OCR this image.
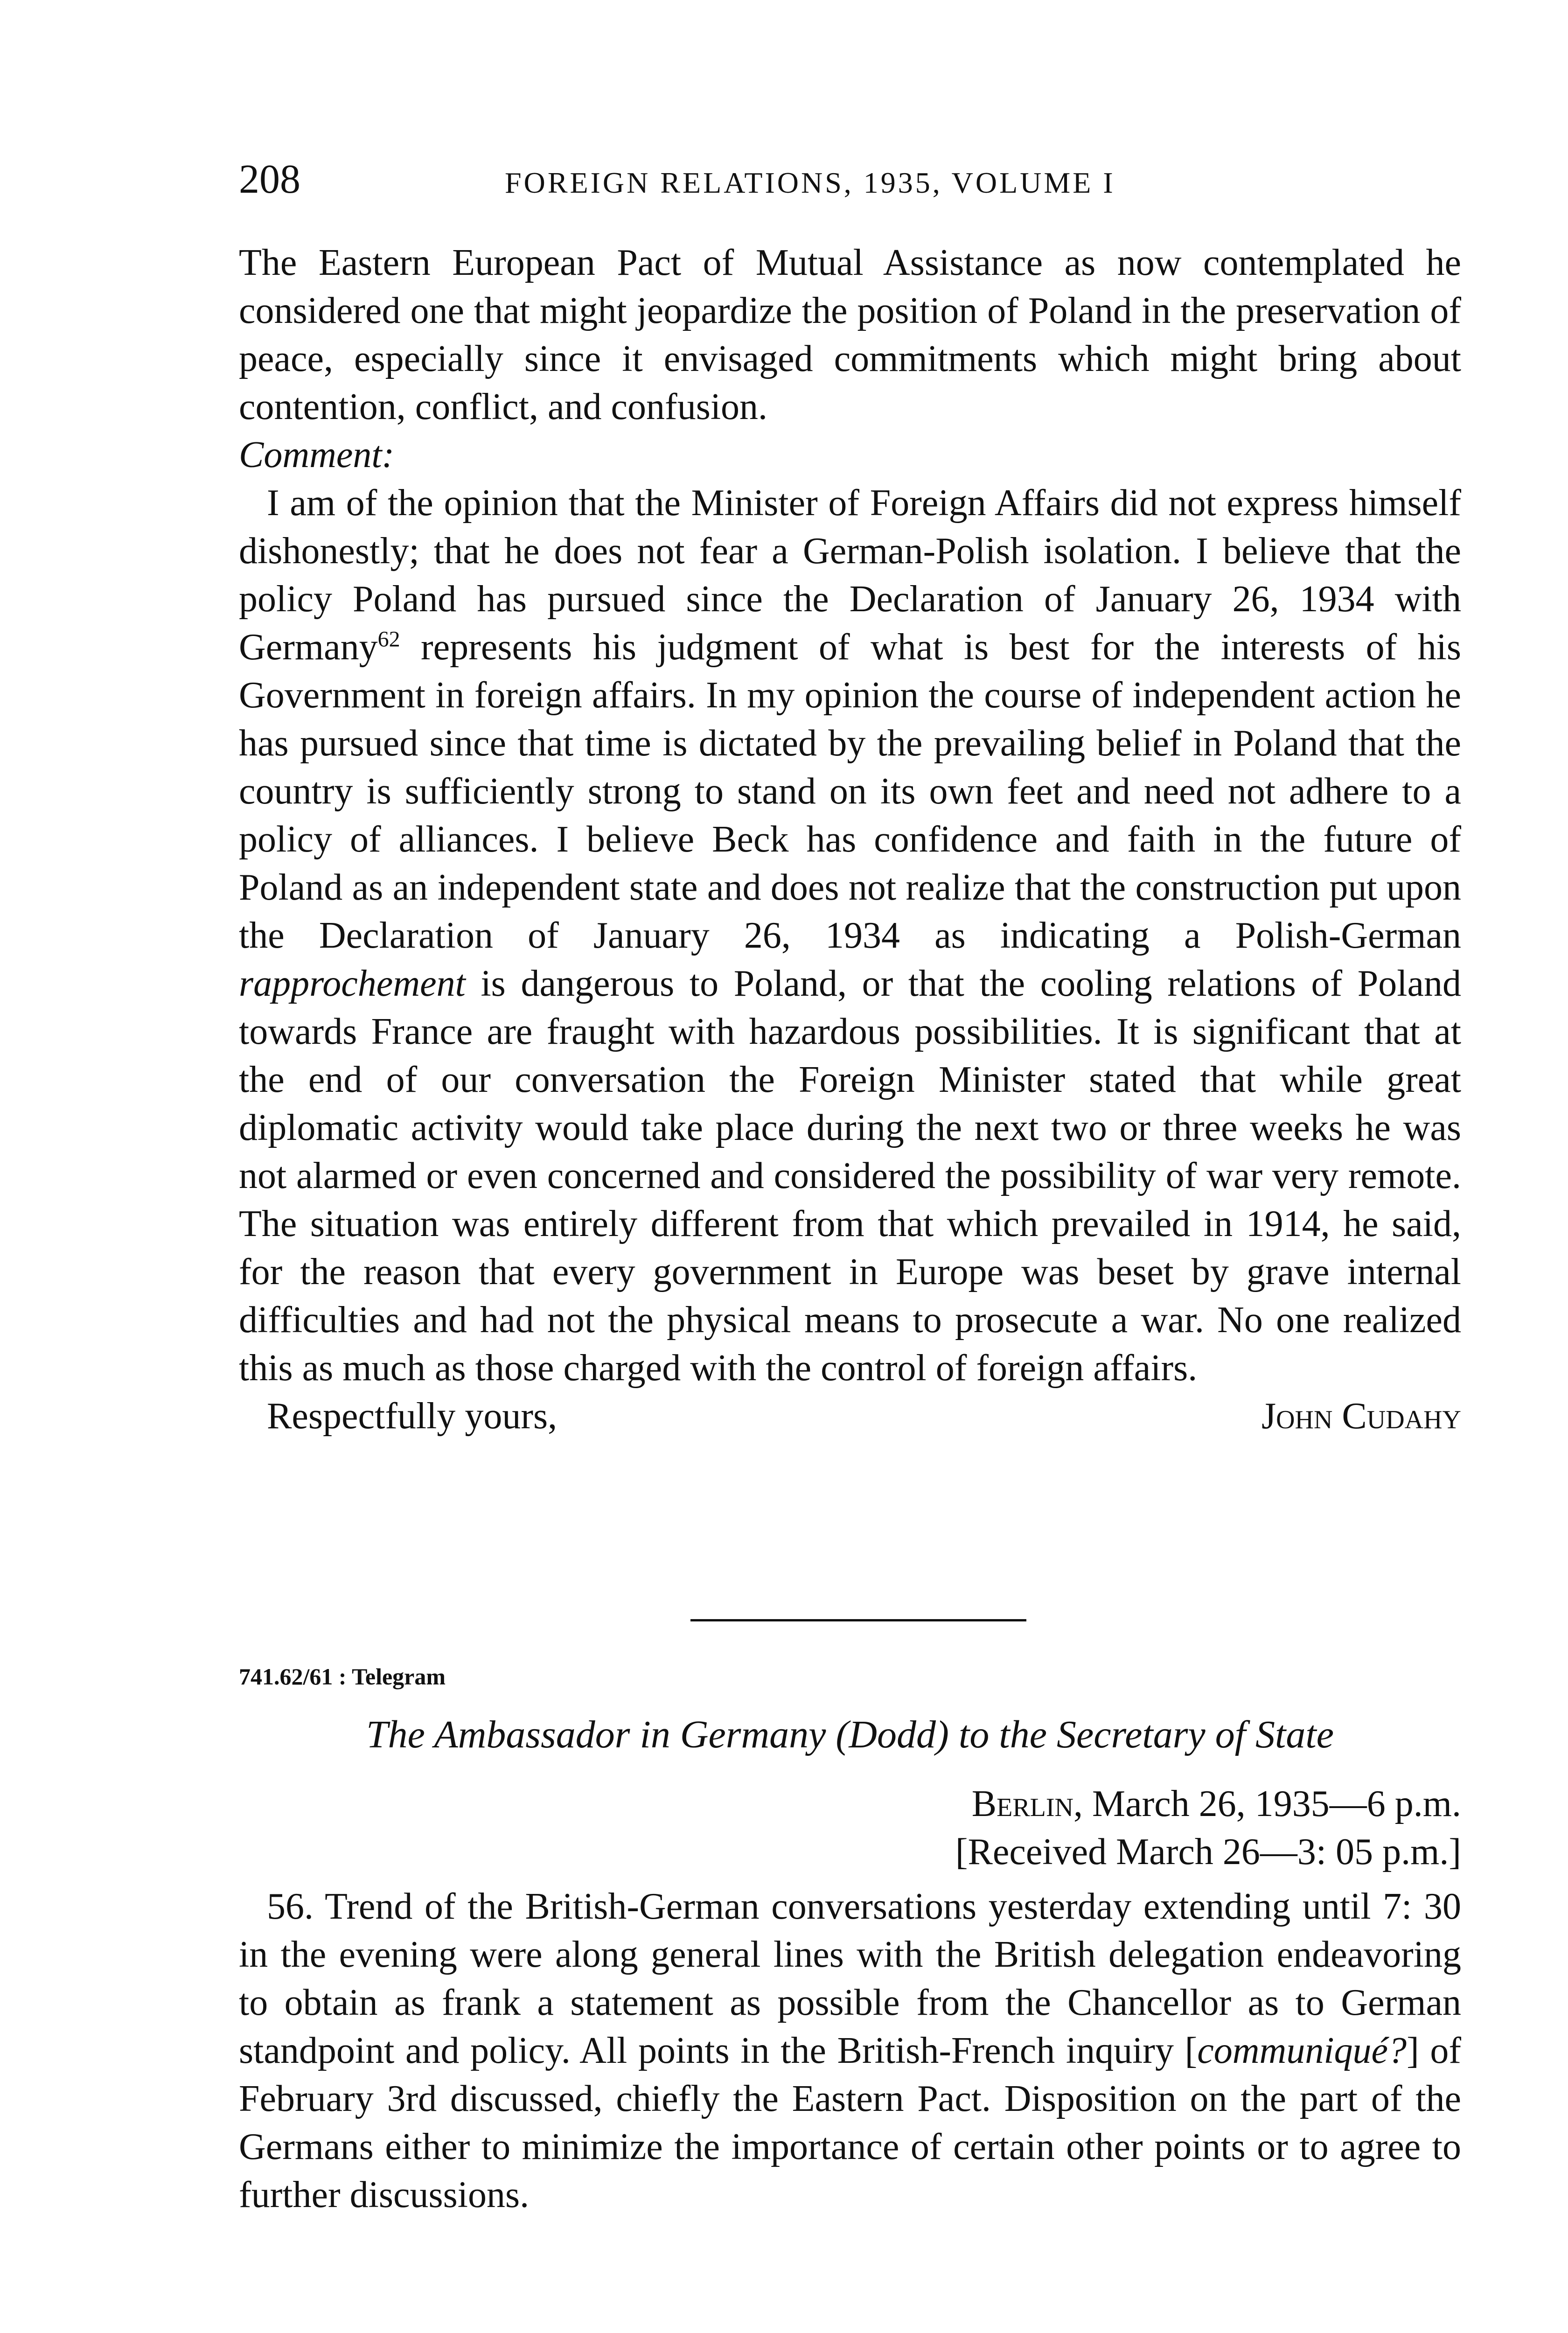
208	FOREIGN RELATIONS, 1935, VOLUME I

The Eastern European Pact of Mutual Assistance as now contemplated he considered one that might jeopardize the position of Poland in the preservation of peace, especially since it envisaged commitments which might bring about contention, conflict, and confusion.

Comment:

I am of the opinion that the Minister of Foreign Affairs did not express himself dishonestly; that he does not fear a German-Polish isolation. I believe that the policy Poland has pursued since the Declaration of January 26, 1934 with Germany$^{62}$ represents his judgment of what is best for the interests of his Government in foreign affairs. In my opinion the course of independent action he has pursued since that time is dictated by the prevailing belief in Poland that the country is sufficiently strong to stand on its own feet and need not adhere to a policy of alliances. I believe Beck has confidence and faith in the future of Poland as an independent state and does not realize that the construction put upon the Declaration of January 26, 1934 as indicating a Polish-German rapprochement is dangerous to Poland, or that the cooling relations of Poland towards France are fraught with hazardous possibilities. It is significant that at the end of our conversation the Foreign Minister stated that while great diplomatic activity would take place during the next two or three weeks he was not alarmed or even concerned and considered the possibility of war very remote. The situation was entirely different from that which prevailed in 1914, he said, for the reason that every government in Europe was beset by grave internal difficulties and had not the physical means to prosecute a war. No one realized this as much as those charged with the control of foreign affairs.

Respectfully yours,	John Cudahy

741.62/61 : Telegram

The Ambassador in Germany (Dodd) to the Secretary of State

Berlin, March 26, 1935—6 p.m.

[Received March 26—3: 05 p.m.]

56. Trend of the British-German conversations yesterday extending until 7: 30 in the evening were along general lines with the British delegation endeavoring to obtain as frank a statement as possible from the Chancellor as to German standpoint and policy. All points in the British-French inquiry [communiqué?] of February 3rd discussed, chiefly the Eastern Pact. Disposition on the part of the Germans either to minimize the importance of certain other points or to agree to further discussions.
